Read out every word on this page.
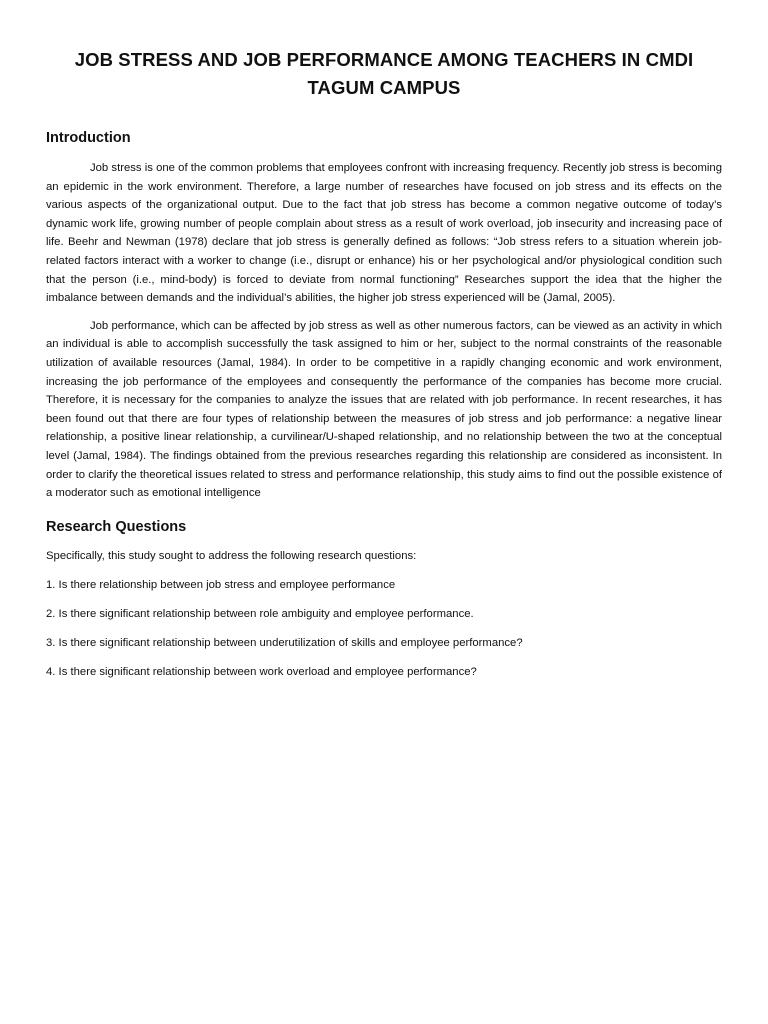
JOB STRESS AND JOB PERFORMANCE AMONG TEACHERS IN CMDI TAGUM CAMPUS
Introduction

Job stress is one of the common problems that employees confront with increasing frequency. Recently job stress is becoming an epidemic in the work environment. Therefore, a large number of researches have focused on job stress and its effects on the various aspects of the organizational output. Due to the fact that job stress has become a common negative outcome of today’s dynamic work life, growing number of people complain about stress as a result of work overload, job insecurity and increasing pace of life. Beehr and Newman (1978) declare that job stress is generally defined as follows: “Job stress refers to a situation wherein job-related factors interact with a worker to change (i.e., disrupt or enhance) his or her psychological and/or physiological condition such that the person (i.e., mind-body) is forced to deviate from normal functioning” Researches support the idea that the higher the imbalance between demands and the individual’s abilities, the higher job stress experienced will be (Jamal, 2005).

Job performance, which can be affected by job stress as well as other numerous factors, can be viewed as an activity in which an individual is able to accomplish successfully the task assigned to him or her, subject to the normal constraints of the reasonable utilization of available resources (Jamal, 1984). In order to be competitive in a rapidly changing economic and work environment, increasing the job performance of the employees and consequently the performance of the companies has become more crucial. Therefore, it is necessary for the companies to analyze the issues that are related with job performance. In recent researches, it has been found out that there are four types of relationship between the measures of job stress and job performance: a negative linear relationship, a positive linear relationship, a curvilinear/U-shaped relationship, and no relationship between the two at the conceptual level (Jamal, 1984). The findings obtained from the previous researches regarding this relationship are considered as inconsistent. In order to clarify the theoretical issues related to stress and performance relationship, this study aims to find out the possible existence of a moderator such as emotional intelligence

Research Questions

Specifically, this study sought to address the following research questions:

1. Is there relationship between job stress and employee performance

2. Is there significant relationship between role ambiguity and employee performance.

3. Is there significant relationship between underutilization of skills and employee performance?

4. Is there significant relationship between work overload and employee performance?
